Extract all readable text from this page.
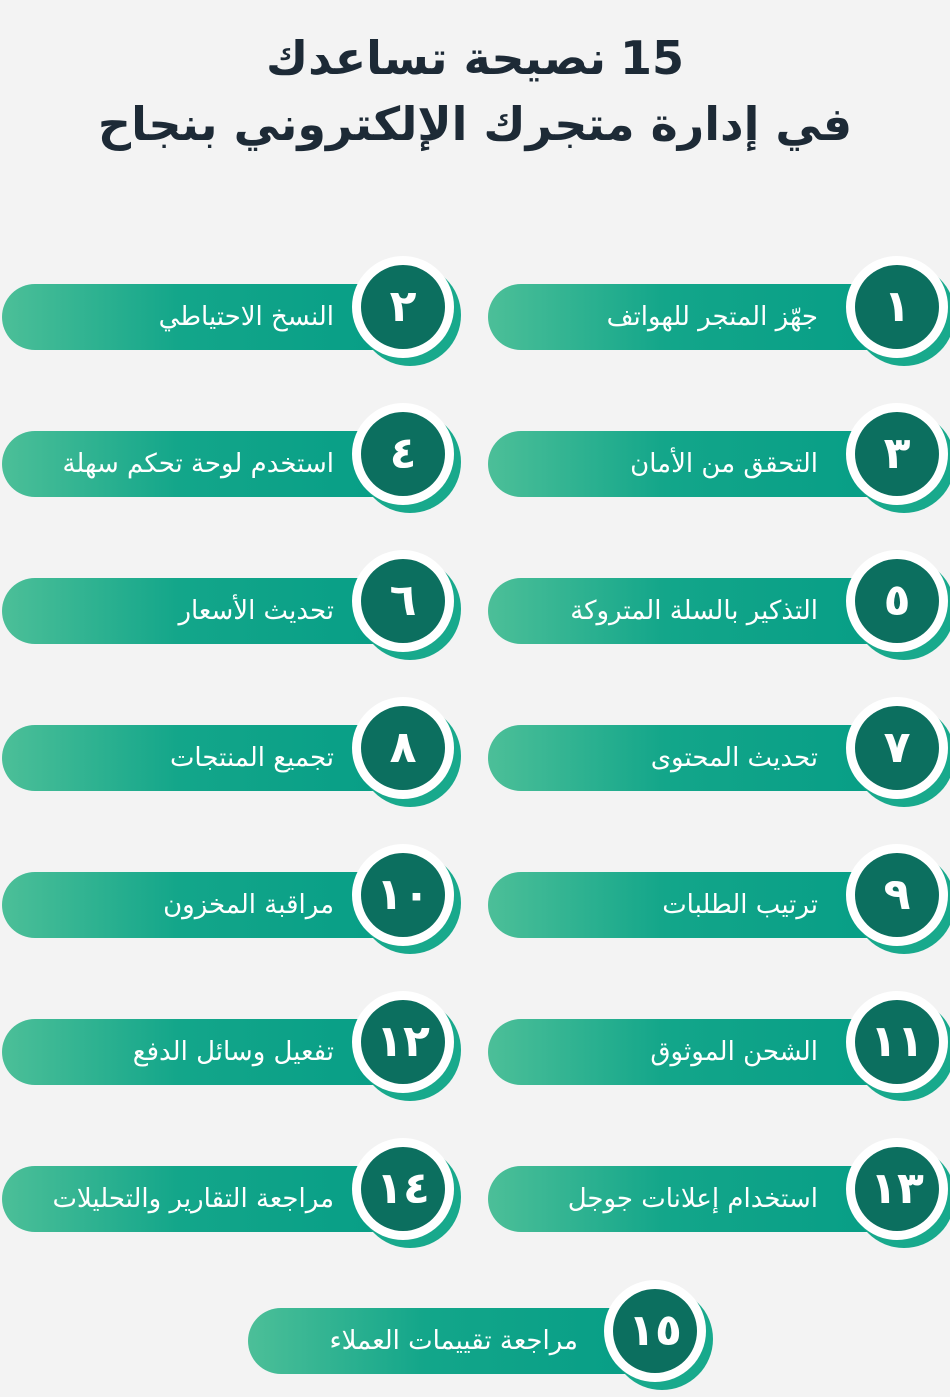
15نصيحة تساعدك
في إدارة متجرك الإلكتروني بنجاح
جهّز المتجر للهواتف	١
النسخ الاحتياطي	٢
التحقق من الأمان	٣
استخدم لوحة تحكم سهلة	٤
التذكير بالسلة المتروكة	٥
تحديث الأسعار	٦
تحديث المحتوى	٧
تجميع المنتجات	٨
ترتيب الطلبات	٩
مراقبة المخزون ١٠
الشحن الموثوق	١١
تفعيل وسائل الدفع ١٢
استخدام إعلانات جوجل	١٣
مراجعة التقارير والتحليلات ١٤
مراجعة تقييمات العملاء	١٥
